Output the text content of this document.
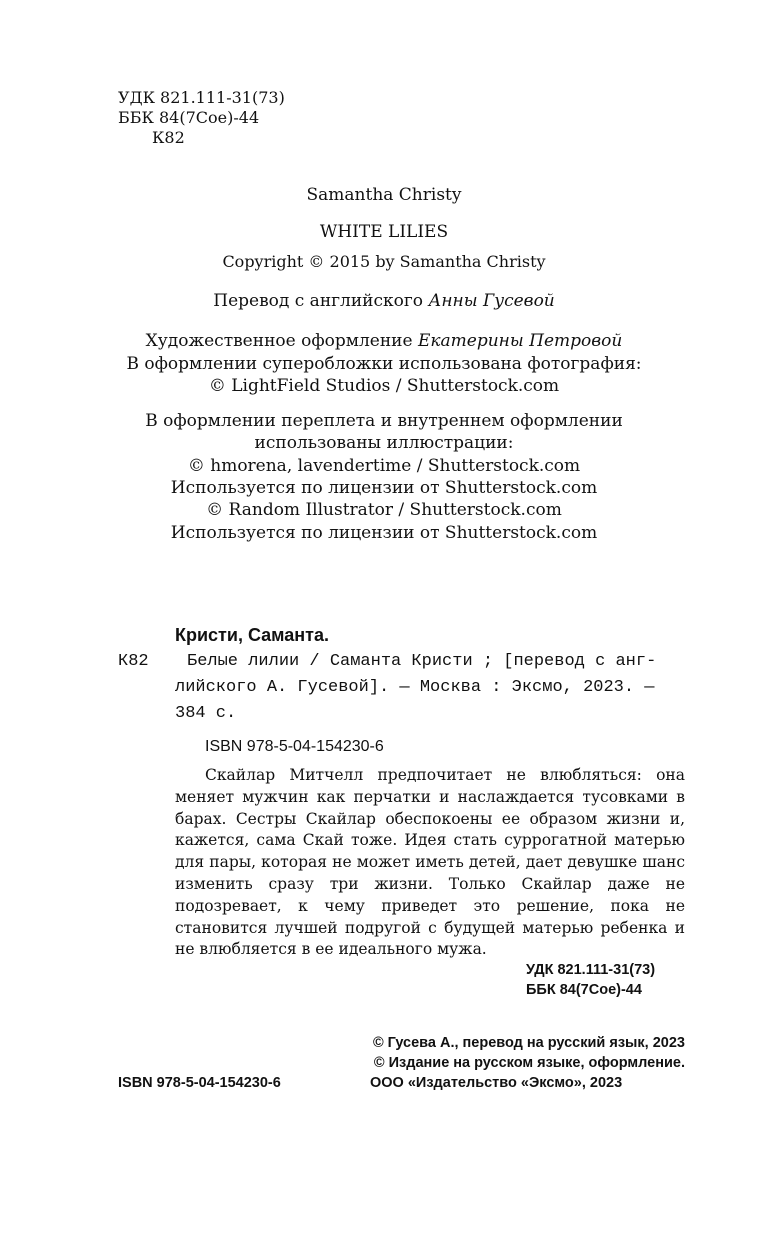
УДК 821.111-31(73)
ББК 84(7Сое)-44
К82
Samantha Christy
WHITE LILIES
Copyright © 2015 by Samantha Christy
Перевод с английского Анны Гусевой
Художественное оформление Екатерины Петровой
В оформлении суперобложки использована фотография:
© LightField Studios / Shutterstock.com
В оформлении переплета и внутреннем оформлении
использованы иллюстрации:
© hmorena, lavendertime / Shutterstock.com
Используется по лицензии от Shutterstock.com
© Random Illustrator / Shutterstock.com
Используется по лицензии от Shutterstock.com
Кристи, Саманта.
К82 Белые лилии / Саманта Кристи ; [перевод с анг-
лийского А. Гусевой]. — Москва : Эксмо, 2023. —
384 с.
ISBN 978-5-04-154230-6
Скайлар Митчелл предпочитает не влюбляться: она меняет мужчин как перчатки и наслаждается тусовками в барах. Сестры Скайлар обеспокоены ее образом жизни и, кажется, сама Скай тоже. Идея стать суррогатной матерью для пары, которая не может иметь детей, дает девушке шанс изменить сразу три жизни. Только Скайлар даже не подозревает, к чему приведет это решение, пока не становится лучшей подругой с будущей матерью ребенка и не влюбляется в ее идеального мужа.
УДК 821.111-31(73)
ББК 84(7Сое)-44
ISBN 978-5-04-154230-6
© Гусева А., перевод на русский язык, 2023
© Издание на русском языке, оформление.
ООО «Издательство «Эксмо», 2023
